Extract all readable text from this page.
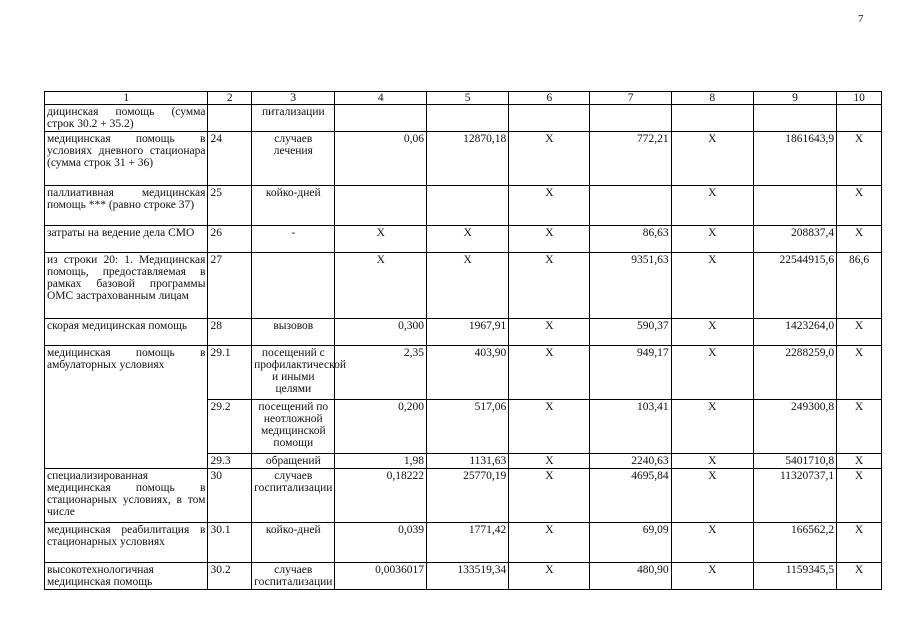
7
1	2	3	4	5	6	7	8	9	10
дицинская помощь (сумма строк 30.2 + 35.2)		питализации							
медицинская помощь в условиях дневного стационара (сумма строк 31 + 36)	24	случаев лечения	0,06	12870,18	Х	772,21	Х	1861643,9	Х
паллиативная медицинская помощь *** (равно строке 37)	25	койко-дней			Х		Х		Х
затраты на ведение дела СМО	26	-	Х	Х	Х	86,63	Х	208837,4	Х
из строки 20: 1. Медицинская помощь, предоставляемая в рамках базовой программы ОМС застрахованным лицам	27		Х	Х	Х	9351,63	Х	22544915,6	86,6
скорая медицинская помощь	28	вызовов	0,300	1967,91	Х	590,37	Х	1423264,0	Х
медицинская помощь в амбулаторных условиях	29.1	посещений с профилактической и иными целями	2,35	403,90	Х	949,17	Х	2288259,0	Х
	29.2	посещений по неотложной медицинской помощи	0,200	517,06	Х	103,41	Х	249300,8	Х
	29.3	обращений	1,98	1131,63	Х	2240,63	Х	5401710,8	Х
специализированная медицинская помощь в стационарных условиях, в том числе	30	случаев госпитализации	0,18222	25770,19	Х	4695,84	Х	11320737,1	Х
медицинская реабилитация в стационарных условиях	30.1	койко-дней	0,039	1771,42	Х	69,09	Х	166562,2	Х
высокотехнологичная медицинская помощь	30.2	случаев госпитализации	0,0036017	133519,34	Х	480,90	Х	1159345,5	Х
